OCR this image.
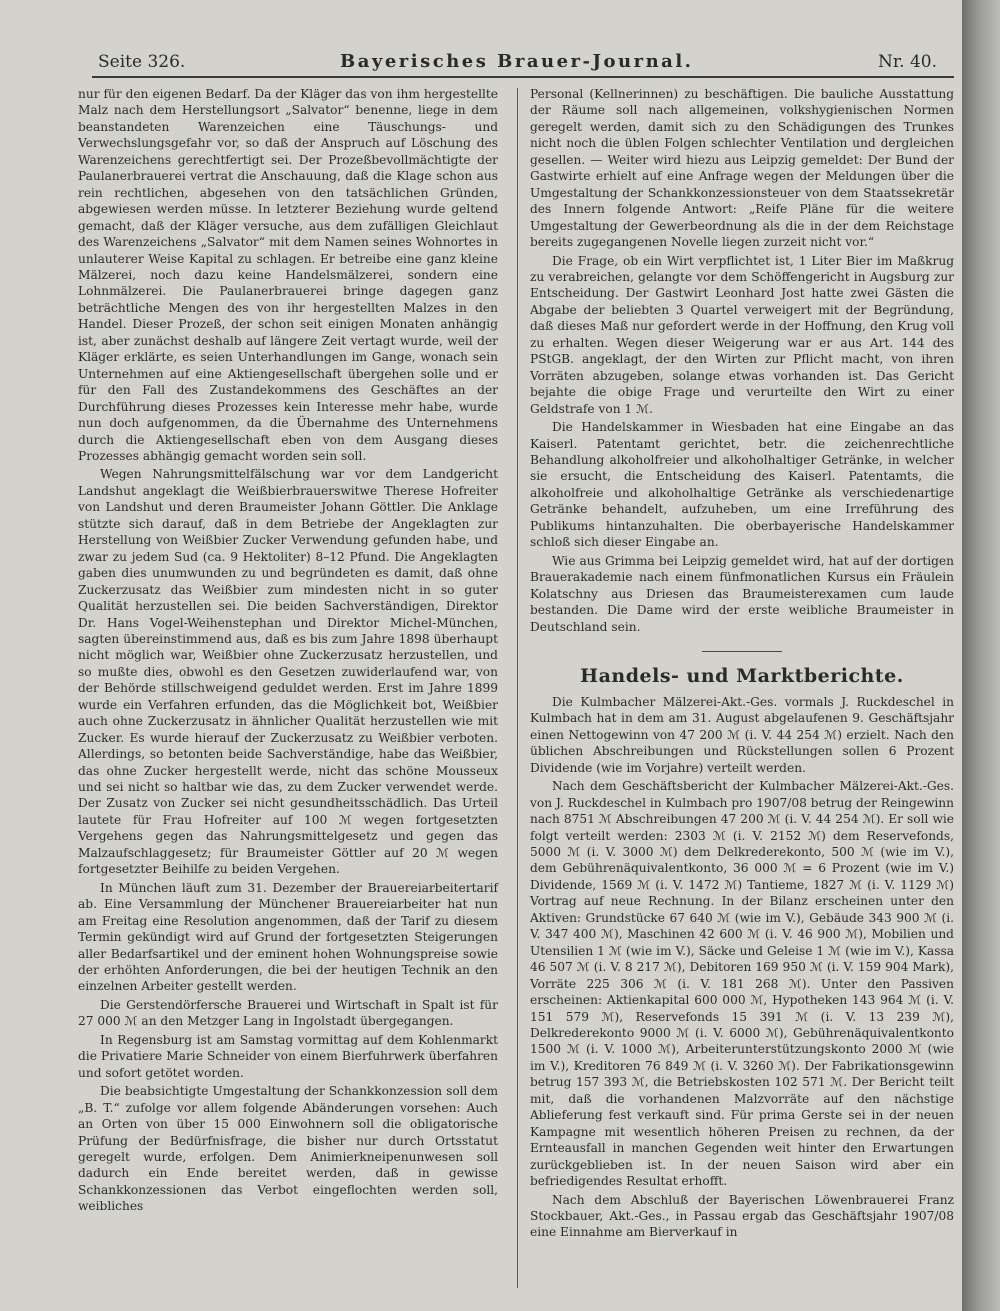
Seite 326.	Bayerisches Brauer-Journal.	Nr. 40.

nur für den eigenen Bedarf. Da der Kläger das von ihm hergestellte Malz nach dem Herstellungsort „Salvator“ benenne, liege in dem beanstandeten Warenzeichen eine Täuschungs- und Verwechslungsgefahr vor, so daß der Anspruch auf Löschung des Warenzeichens gerechtfertigt sei. Der Prozeßbevollmächtigte der Paulanerbrauerei vertrat die Anschauung, daß die Klage schon aus rein rechtlichen, abgesehen von den tatsächlichen Gründen, abgewiesen werden müsse. In letzterer Beziehung wurde geltend gemacht, daß der Kläger versuche, aus dem zufälligen Gleichlaut des Warenzeichens „Salvator“ mit dem Namen seines Wohnortes in unlauterer Weise Kapital zu schlagen. Er betreibe eine ganz kleine Mälzerei, noch dazu keine Handelsmälzerei, sondern eine Lohnmälzerei. Die Paulanerbrauerei bringe dagegen ganz beträchtliche Mengen des von ihr hergestellten Malzes in den Handel. Dieser Prozeß, der schon seit einigen Monaten anhängig ist, aber zunächst deshalb auf längere Zeit vertagt wurde, weil der Kläger erklärte, es seien Unterhandlungen im Gange, wonach sein Unternehmen auf eine Aktiengesellschaft übergehen solle und er für den Fall des Zustandekommens des Geschäftes an der Durchführung dieses Prozesses kein Interesse mehr habe, wurde nun doch aufgenommen, da die Übernahme des Unternehmens durch die Aktiengesellschaft eben von dem Ausgang dieses Prozesses abhängig gemacht worden sein soll.

Wegen Nahrungsmittelfälschung war vor dem Landgericht Landshut angeklagt die Weißbierbrauerswitwe Therese Hofreiter von Landshut und deren Braumeister Johann Göttler. Die Anklage stützte sich darauf, daß in dem Betriebe der Angeklagten zur Herstellung von Weißbier Zucker Verwendung gefunden habe, und zwar zu jedem Sud (ca. 9 Hektoliter) 8–12 Pfund. Die Angeklagten gaben dies unumwunden zu und begründeten es damit, daß ohne Zuckerzusatz das Weißbier zum mindesten nicht in so guter Qualität herzustellen sei. Die beiden Sachverständigen, Direktor Dr. Hans Vogel-Weihenstephan und Direktor Michel-München, sagten übereinstimmend aus, daß es bis zum Jahre 1898 überhaupt nicht möglich war, Weißbier ohne Zuckerzusatz herzustellen, und so mußte dies, obwohl es den Gesetzen zuwiderlaufend war, von der Behörde stillschweigend geduldet werden. Erst im Jahre 1899 wurde ein Verfahren erfunden, das die Möglichkeit bot, Weißbier auch ohne Zuckerzusatz in ähnlicher Qualität herzustellen wie mit Zucker. Es wurde hierauf der Zuckerzusatz zu Weißbier verboten. Allerdings, so betonten beide Sachverständige, habe das Weißbier, das ohne Zucker hergestellt werde, nicht das schöne Mousseux und sei nicht so haltbar wie das, zu dem Zucker verwendet werde. Der Zusatz von Zucker sei nicht gesundheitsschädlich. Das Urteil lautete für Frau Hofreiter auf 100 ℳ wegen fortgesetzten Vergehens gegen das Nahrungsmittelgesetz und gegen das Malzaufschlaggesetz; für Braumeister Göttler auf 20 ℳ wegen fortgesetzter Beihilfe zu beiden Vergehen.

In München läuft zum 31. Dezember der Brauereiarbeitertarif ab. Eine Versammlung der Münchener Brauereiarbeiter hat nun am Freitag eine Resolution angenommen, daß der Tarif zu diesem Termin gekündigt wird auf Grund der fortgesetzten Steigerungen aller Bedarfsartikel und der eminent hohen Wohnungspreise sowie der erhöhten Anforderungen, die bei der heutigen Technik an den einzelnen Arbeiter gestellt werden.

Die Gerstendörfersche Brauerei und Wirtschaft in Spalt ist für 27 000 ℳ an den Metzger Lang in Ingolstadt übergegangen.

In Regensburg ist am Samstag vormittag auf dem Kohlenmarkt die Privatiere Marie Schneider von einem Bierfuhrwerk überfahren und sofort getötet worden.

Die beabsichtigte Umgestaltung der Schankkonzession soll dem „B. T.“ zufolge vor allem folgende Abänderungen vorsehen: Auch an Orten von über 15 000 Einwohnern soll die obligatorische Prüfung der Bedürfnisfrage, die bisher nur durch Ortsstatut geregelt wurde, erfolgen. Dem Animierkneipenunwesen soll dadurch ein Ende bereitet werden, daß in gewisse Schankkonzessionen das Verbot eingeflochten werden soll, weibliches

Personal (Kellnerinnen) zu beschäftigen. Die bauliche Ausstattung der Räume soll nach allgemeinen, volkshygienischen Normen geregelt werden, damit sich zu den Schädigungen des Trunkes nicht noch die üblen Folgen schlechter Ventilation und dergleichen gesellen. — Weiter wird hiezu aus Leipzig gemeldet: Der Bund der Gastwirte erhielt auf eine Anfrage wegen der Meldungen über die Umgestaltung der Schankkonzessionsteuer von dem Staatssekretär des Innern folgende Antwort: „Reife Pläne für die weitere Umgestaltung der Gewerbeordnung als die in der dem Reichstage bereits zugegangenen Novelle liegen zurzeit nicht vor.“

Die Frage, ob ein Wirt verpflichtet ist, 1 Liter Bier im Maßkrug zu verabreichen, gelangte vor dem Schöffengericht in Augsburg zur Entscheidung. Der Gastwirt Leonhard Jost hatte zwei Gästen die Abgabe der beliebten 3 Quartel verweigert mit der Begründung, daß dieses Maß nur gefordert werde in der Hoffnung, den Krug voll zu erhalten. Wegen dieser Weigerung war er aus Art. 144 des PStGB. angeklagt, der den Wirten zur Pflicht macht, von ihren Vorräten abzugeben, solange etwas vorhanden ist. Das Gericht bejahte die obige Frage und verurteilte den Wirt zu einer Geldstrafe von 1 ℳ.

Die Handelskammer in Wiesbaden hat eine Eingabe an das Kaiserl. Patentamt gerichtet, betr. die zeichenrechtliche Behandlung alkoholfreier und alkoholhaltiger Getränke, in welcher sie ersucht, die Entscheidung des Kaiserl. Patentamts, die alkoholfreie und alkoholhaltige Getränke als verschiedenartige Getränke behandelt, aufzuheben, um eine Irreführung des Publikums hintanzuhalten. Die oberbayerische Handelskammer schloß sich dieser Eingabe an.

Wie aus Grimma bei Leipzig gemeldet wird, hat auf der dortigen Brauerakademie nach einem fünfmonatlichen Kursus ein Fräulein Kolatschny aus Driesen das Braumeisterexamen cum laude bestanden. Die Dame wird der erste weibliche Braumeister in Deutschland sein.

Handels- und Marktberichte.

Die Kulmbacher Mälzerei-Akt.-Ges. vormals J. Ruckdeschel in Kulmbach hat in dem am 31. August abgelaufenen 9. Geschäftsjahr einen Nettogewinn von 47 200 ℳ (i. V. 44 254 ℳ) erzielt. Nach den üblichen Abschreibungen und Rückstellungen sollen 6 Prozent Dividende (wie im Vorjahre) verteilt werden.

Nach dem Geschäftsbericht der Kulmbacher Mälzerei-Akt.-Ges. von J. Ruckdeschel in Kulmbach pro 1907/08 betrug der Reingewinn nach 8751 ℳ Abschreibungen 47 200 ℳ (i. V. 44 254 ℳ). Er soll wie folgt verteilt werden: 2303 ℳ (i. V. 2152 ℳ) dem Reservefonds, 5000 ℳ (i. V. 3000 ℳ) dem Delkrederekonto, 500 ℳ (wie im V.), dem Gebührenäquivalentkonto, 36 000 ℳ = 6 Prozent (wie im V.) Dividende, 1569 ℳ (i. V. 1472 ℳ) Tantieme, 1827 ℳ (i. V. 1129 ℳ) Vortrag auf neue Rechnung. In der Bilanz erscheinen unter den Aktiven: Grundstücke 67 640 ℳ (wie im V.), Gebäude 343 900 ℳ (i. V. 347 400 ℳ), Maschinen 42 600 ℳ (i. V. 46 900 ℳ), Mobilien und Utensilien 1 ℳ (wie im V.), Säcke und Geleise 1 ℳ (wie im V.), Kassa 46 507 ℳ (i. V. 8 217 ℳ), Debitoren 169 950 ℳ (i. V. 159 904 Mark), Vorräte 225 306 ℳ (i. V. 181 268 ℳ). Unter den Passiven erscheinen: Aktienkapital 600 000 ℳ, Hypotheken 143 964 ℳ (i. V. 151 579 ℳ), Reservefonds 15 391 ℳ (i. V. 13 239 ℳ), Delkrederekonto 9000 ℳ (i. V. 6000 ℳ), Gebührenäquivalentkonto 1500 ℳ (i. V. 1000 ℳ), Arbeiterunterstützungskonto 2000 ℳ (wie im V.), Kreditoren 76 849 ℳ (i. V. 3260 ℳ). Der Fabrikationsgewinn betrug 157 393 ℳ, die Betriebskosten 102 571 ℳ. Der Bericht teilt mit, daß die vorhandenen Malzvorräte auf den nächstige Ablieferung fest verkauft sind. Für prima Gerste sei in der neuen Kampagne mit wesentlich höheren Preisen zu rechnen, da der Ernteausfall in manchen Gegenden weit hinter den Erwartungen zurückgeblieben ist. In der neuen Saison wird aber ein befriedigendes Resultat erhofft.

Nach dem Abschluß der Bayerischen Löwenbrauerei Franz Stockbauer, Akt.-Ges., in Passau ergab das Geschäftsjahr 1907/08 eine Einnahme am Bierverkauf in
